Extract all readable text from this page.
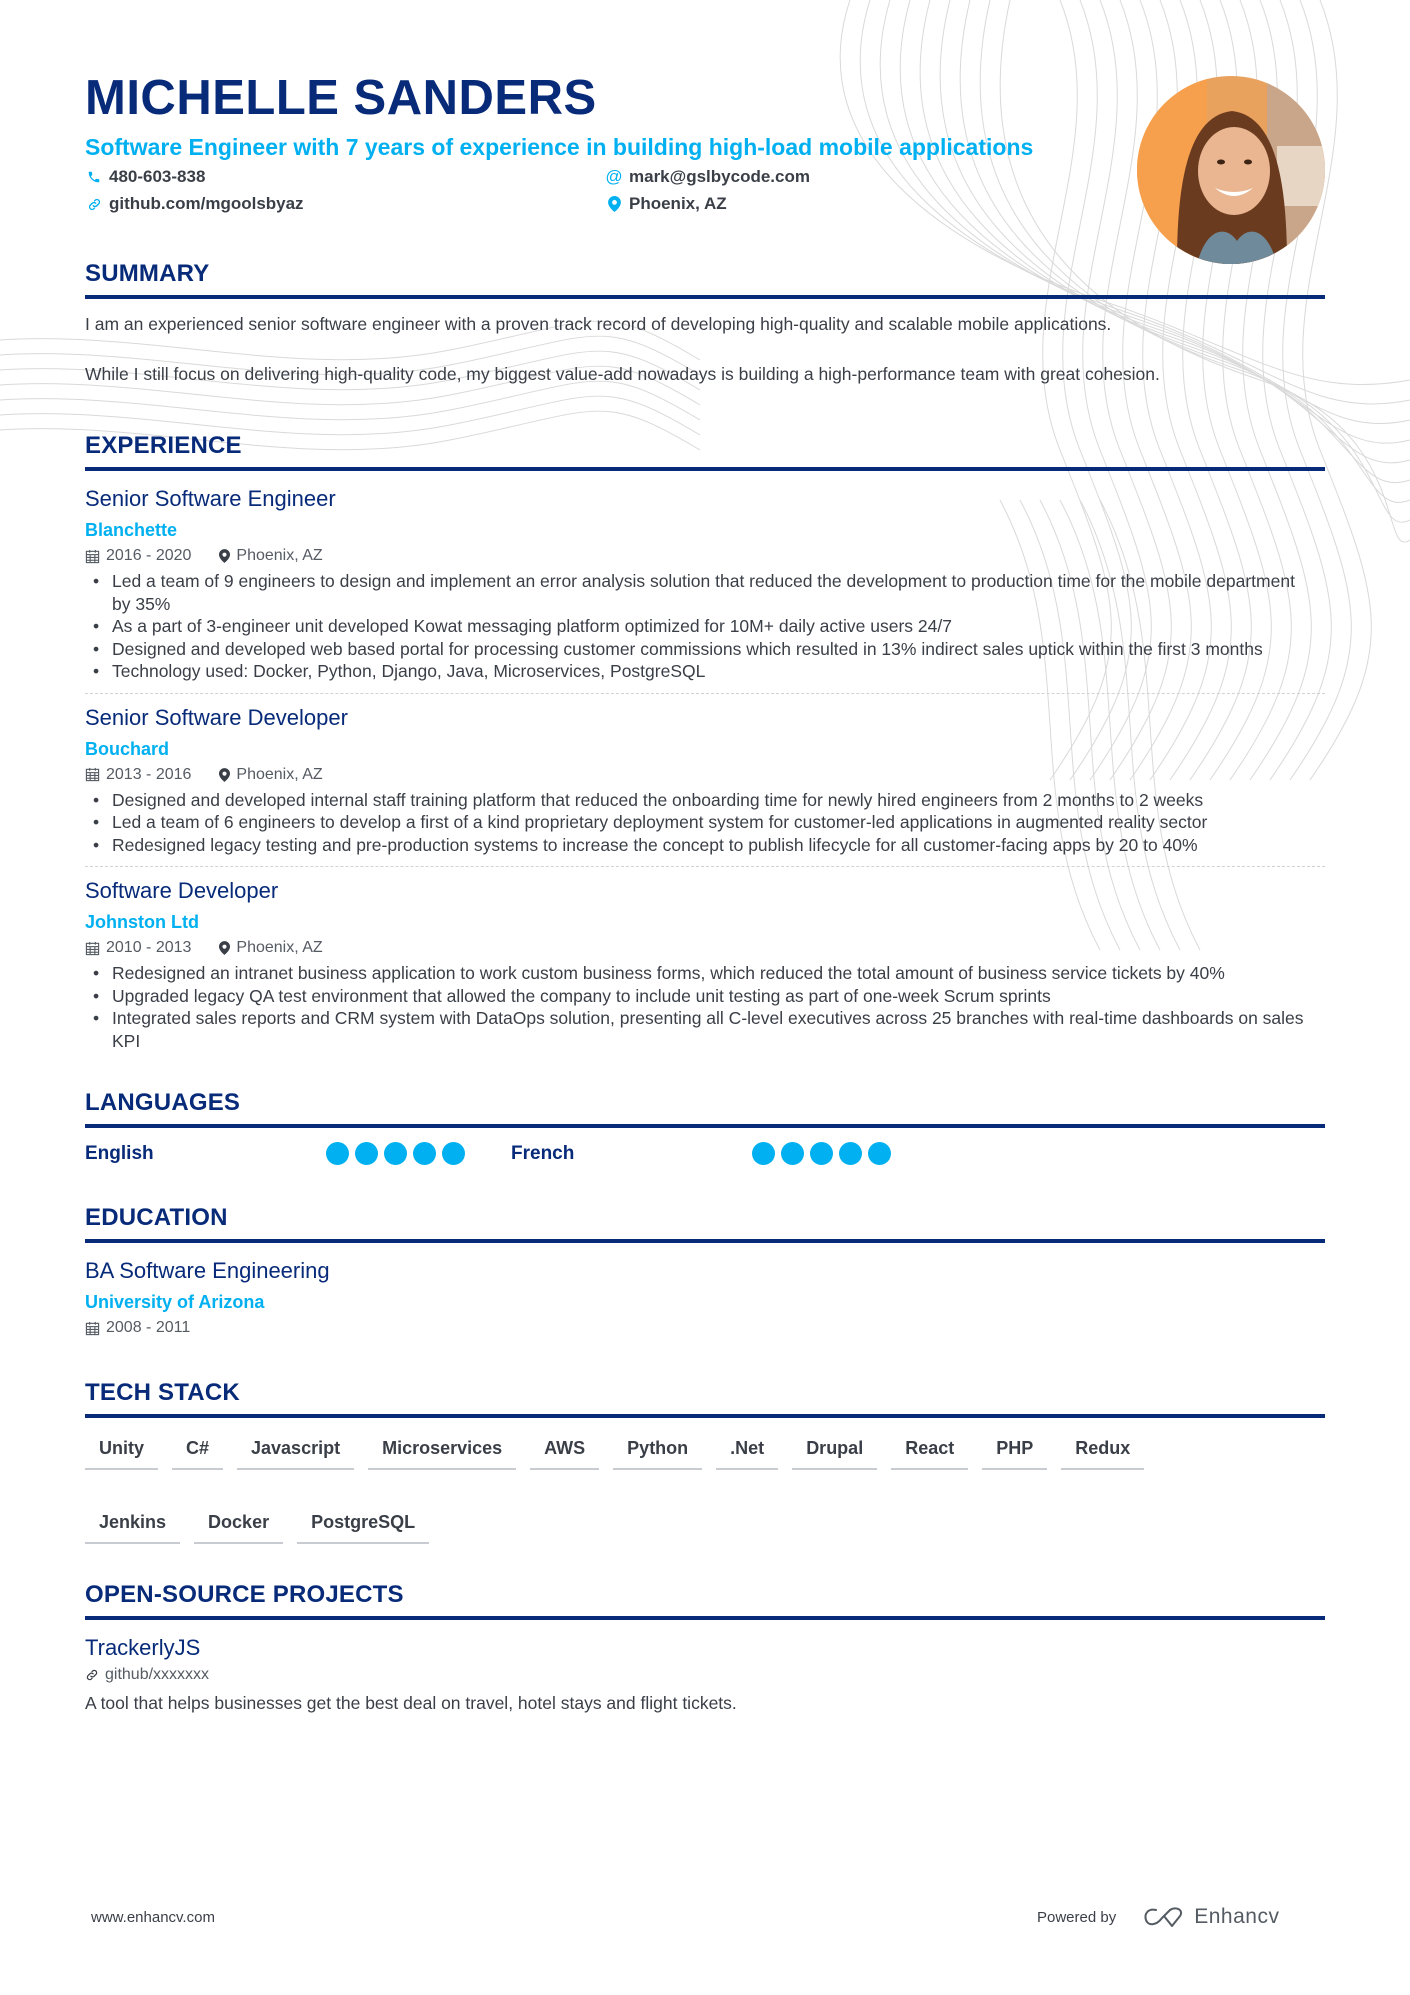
MICHELLE SANDERS
Software Engineer with 7 years of experience in building high-load mobile applications
480-603-838	@ mark@gslbycode.com
github.com/mgoolsbyaz	Phoenix, AZ
SUMMARY

I am an experienced senior software engineer with a proven track record of developing high-quality and scalable mobile applications.

While I still focus on delivering high-quality code, my biggest value-add nowadays is building a high-performance team with great cohesion.

EXPERIENCE
Senior Software Engineer
Blanchette
2016 - 2020	Phoenix, AZ
• Led a team of 9 engineers to design and implement an error analysis solution that reduced the development to production time for the mobile department by 35%
• As a part of 3-engineer unit developed Kowat messaging platform optimized for 10M+ daily active users 24/7
• Designed and developed web based portal for processing customer commissions which resulted in 13% indirect sales uptick within the first 3 months
• Technology used: Docker, Python, Django, Java, Microservices, PostgreSQL
Senior Software Developer
Bouchard
2013 - 2016	Phoenix, AZ
• Designed and developed internal staff training platform that reduced the onboarding time for newly hired engineers from 2 months to 2 weeks
• Led a team of 6 engineers to develop a first of a kind proprietary deployment system for customer-led applications in augmented reality sector
• Redesigned legacy testing and pre-production systems to increase the concept to publish lifecycle for all customer-facing apps by 20 to 40%
Software Developer
Johnston Ltd
2010 - 2013	Phoenix, AZ
• Redesigned an intranet business application to work custom business forms, which reduced the total amount of business service tickets by 40%
• Upgraded legacy QA test environment that allowed the company to include unit testing as part of one-week Scrum sprints
• Integrated sales reports and CRM system with DataOps solution, presenting all C-level executives across 25 branches with real-time dashboards on sales KPI
LANGUAGES
English	French
EDUCATION
BA Software Engineering
University of Arizona
2008 - 2011
TECH STACK
Unity	C#	Javascript	Microservices	AWS	Python	.Net	Drupal	React	PHP	Redux
Jenkins	Docker	PostgreSQL
OPEN-SOURCE PROJECTS
TrackerlyJS
github/xxxxxxx
A tool that helps businesses get the best deal on travel, hotel stays and flight tickets.
www.enhancv.com	Powered by	Enhancv
